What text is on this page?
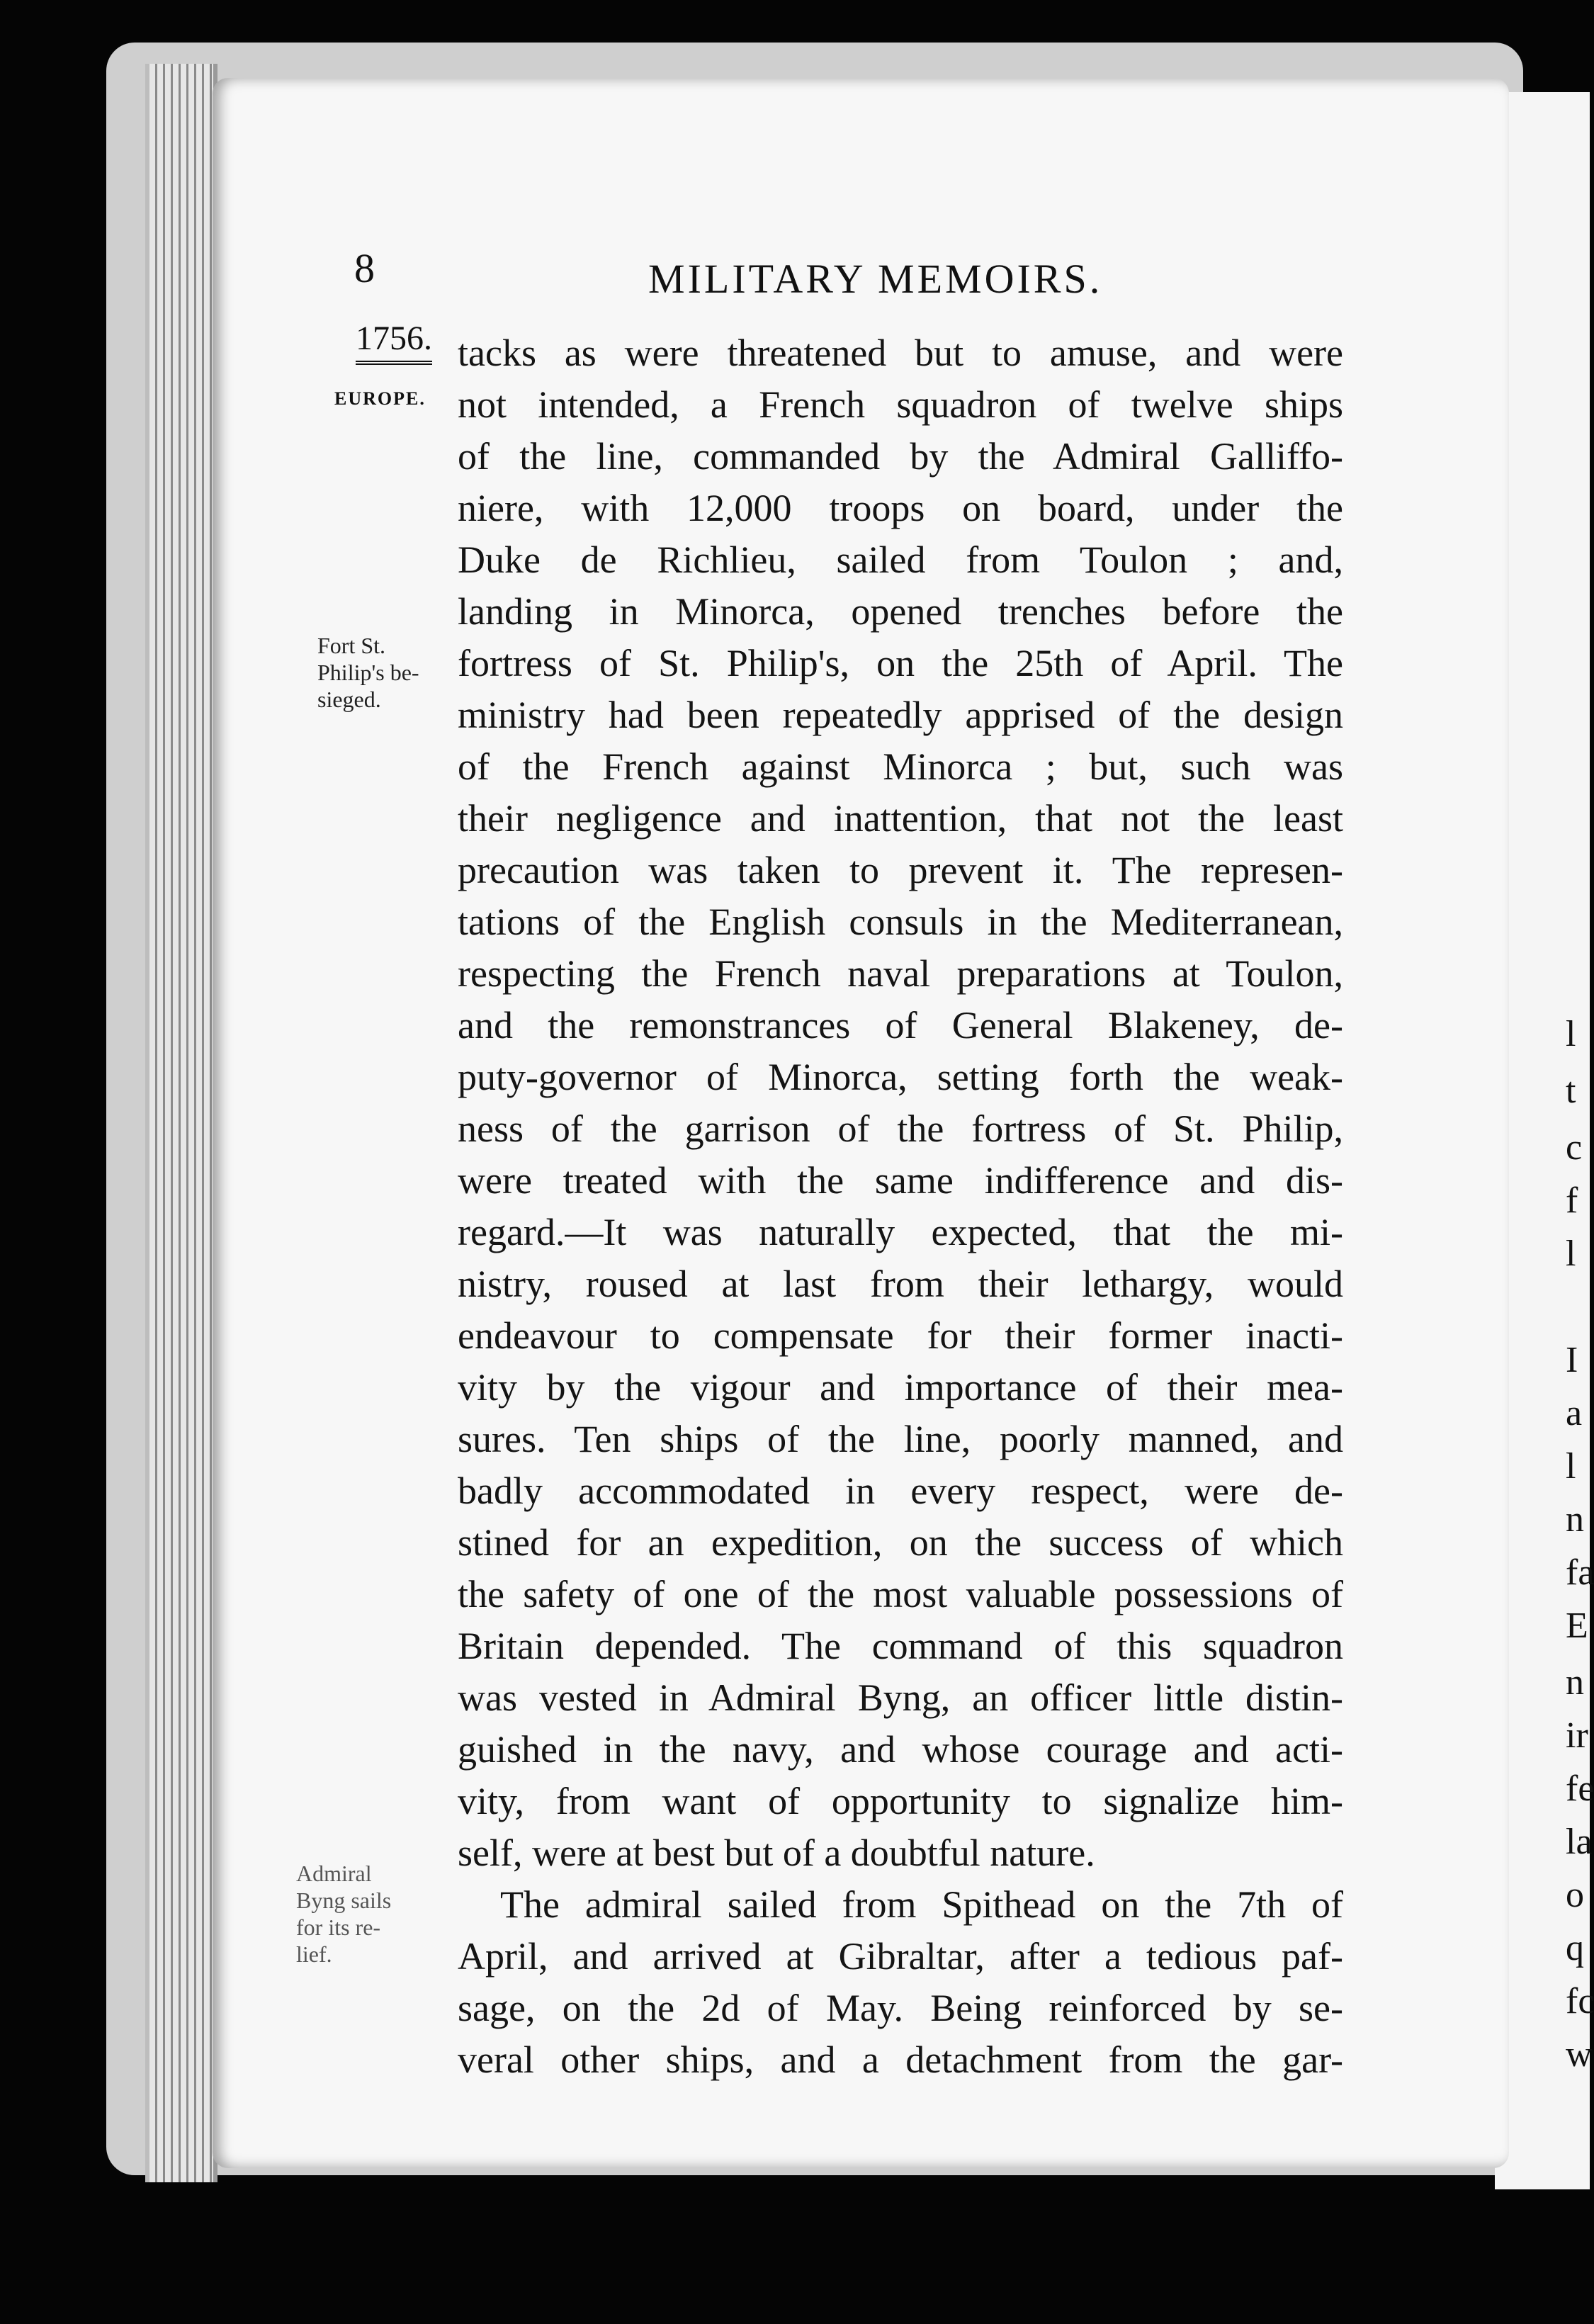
8	MILITARY MEMOIRS.
1756.
EUROPE.
Fort St.
Philip's be-
sieged.
Admiral
Byng sails
for its re-
lief.
tacks as were threatened but to amuse, and were
not intended, a French squadron of twelve ships
of the line, commanded by the Admiral Galliffo-
niere, with 12,000 troops on board, under the
Duke de Richlieu, sailed from Toulon ; and,
landing in Minorca, opened trenches before the
fortress of St. Philip's, on the 25th of April. The
ministry had been repeatedly apprised of the design
of the French against Minorca ; but, such was
their negligence and inattention, that not the least
precaution was taken to prevent it. The represen-
tations of the English consuls in the Mediterranean,
respecting the French naval preparations at Toulon,
and the remonstrances of General Blakeney, de-
puty-governor of Minorca, setting forth the weak-
ness of the garrison of the fortress of St. Philip,
were treated with the same indifference and dis-
regard.—It was naturally expected, that the mi-
nistry, roused at last from their lethargy, would
endeavour to compensate for their former inacti-
vity by the vigour and importance of their mea-
sures. Ten ships of the line, poorly manned, and
badly accommodated in every respect, were de-
stined for an expedition, on the success of which
the safety of one of the most valuable possessions of
Britain depended. The command of this squadron
was vested in Admiral Byng, an officer little distin-
guished in the navy, and whose courage and acti-
vity, from want of opportunity to signalize him-
self, were at best but of a doubtful nature.
The admiral sailed from Spithead on the 7th of
April, and arrived at Gibraltar, after a tedious paf-
sage, on the 2d of May. Being reinforced by se-
veral other ships, and a detachment from the gar-
l
t
c
f
l
I
a
l
n
fa
E
n
ir
fe
la
o
q
fc
w
